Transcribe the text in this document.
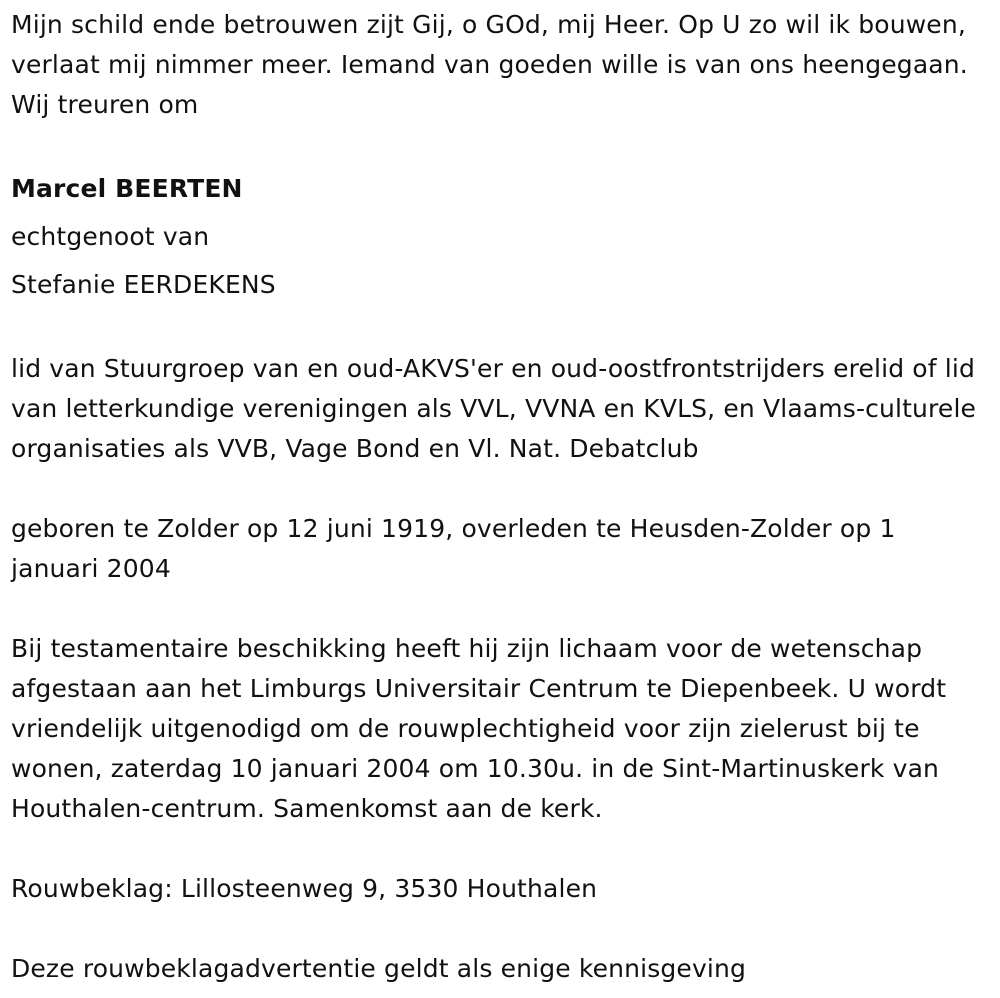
Mijn schild ende betrouwen zijt Gij, o GOd, mij Heer. Op U zo wil ik bouwen, verlaat mij nimmer meer. Iemand van goeden wille is van ons heengegaan. Wij treuren om

Marcel BEERTEN

echtgenoot van

Stefanie EERDEKENS

lid van Stuurgroep van en oud-AKVS'er en oud-oostfrontstrijders erelid of lid van letterkundige verenigingen als VVL, VVNA en KVLS, en Vlaams-culturele organisaties als VVB, Vage Bond en Vl. Nat. Debatclub

geboren te Zolder op 12 juni 1919, overleden te Heusden-Zolder op 1 januari 2004

Bij testamentaire beschikking heeft hij zijn lichaam voor de wetenschap afgestaan aan het Limburgs Universitair Centrum te Diepenbeek. U wordt vriendelijk uitgenodigd om de rouwplechtigheid voor zijn zielerust bij te wonen, zaterdag 10 januari 2004 om 10.30u. in de Sint-Martinuskerk van Houthalen-centrum. Samenkomst aan de kerk.

Rouwbeklag: Lillosteenweg 9, 3530 Houthalen

Deze rouwbeklagadvertentie geldt als enige kennisgeving
